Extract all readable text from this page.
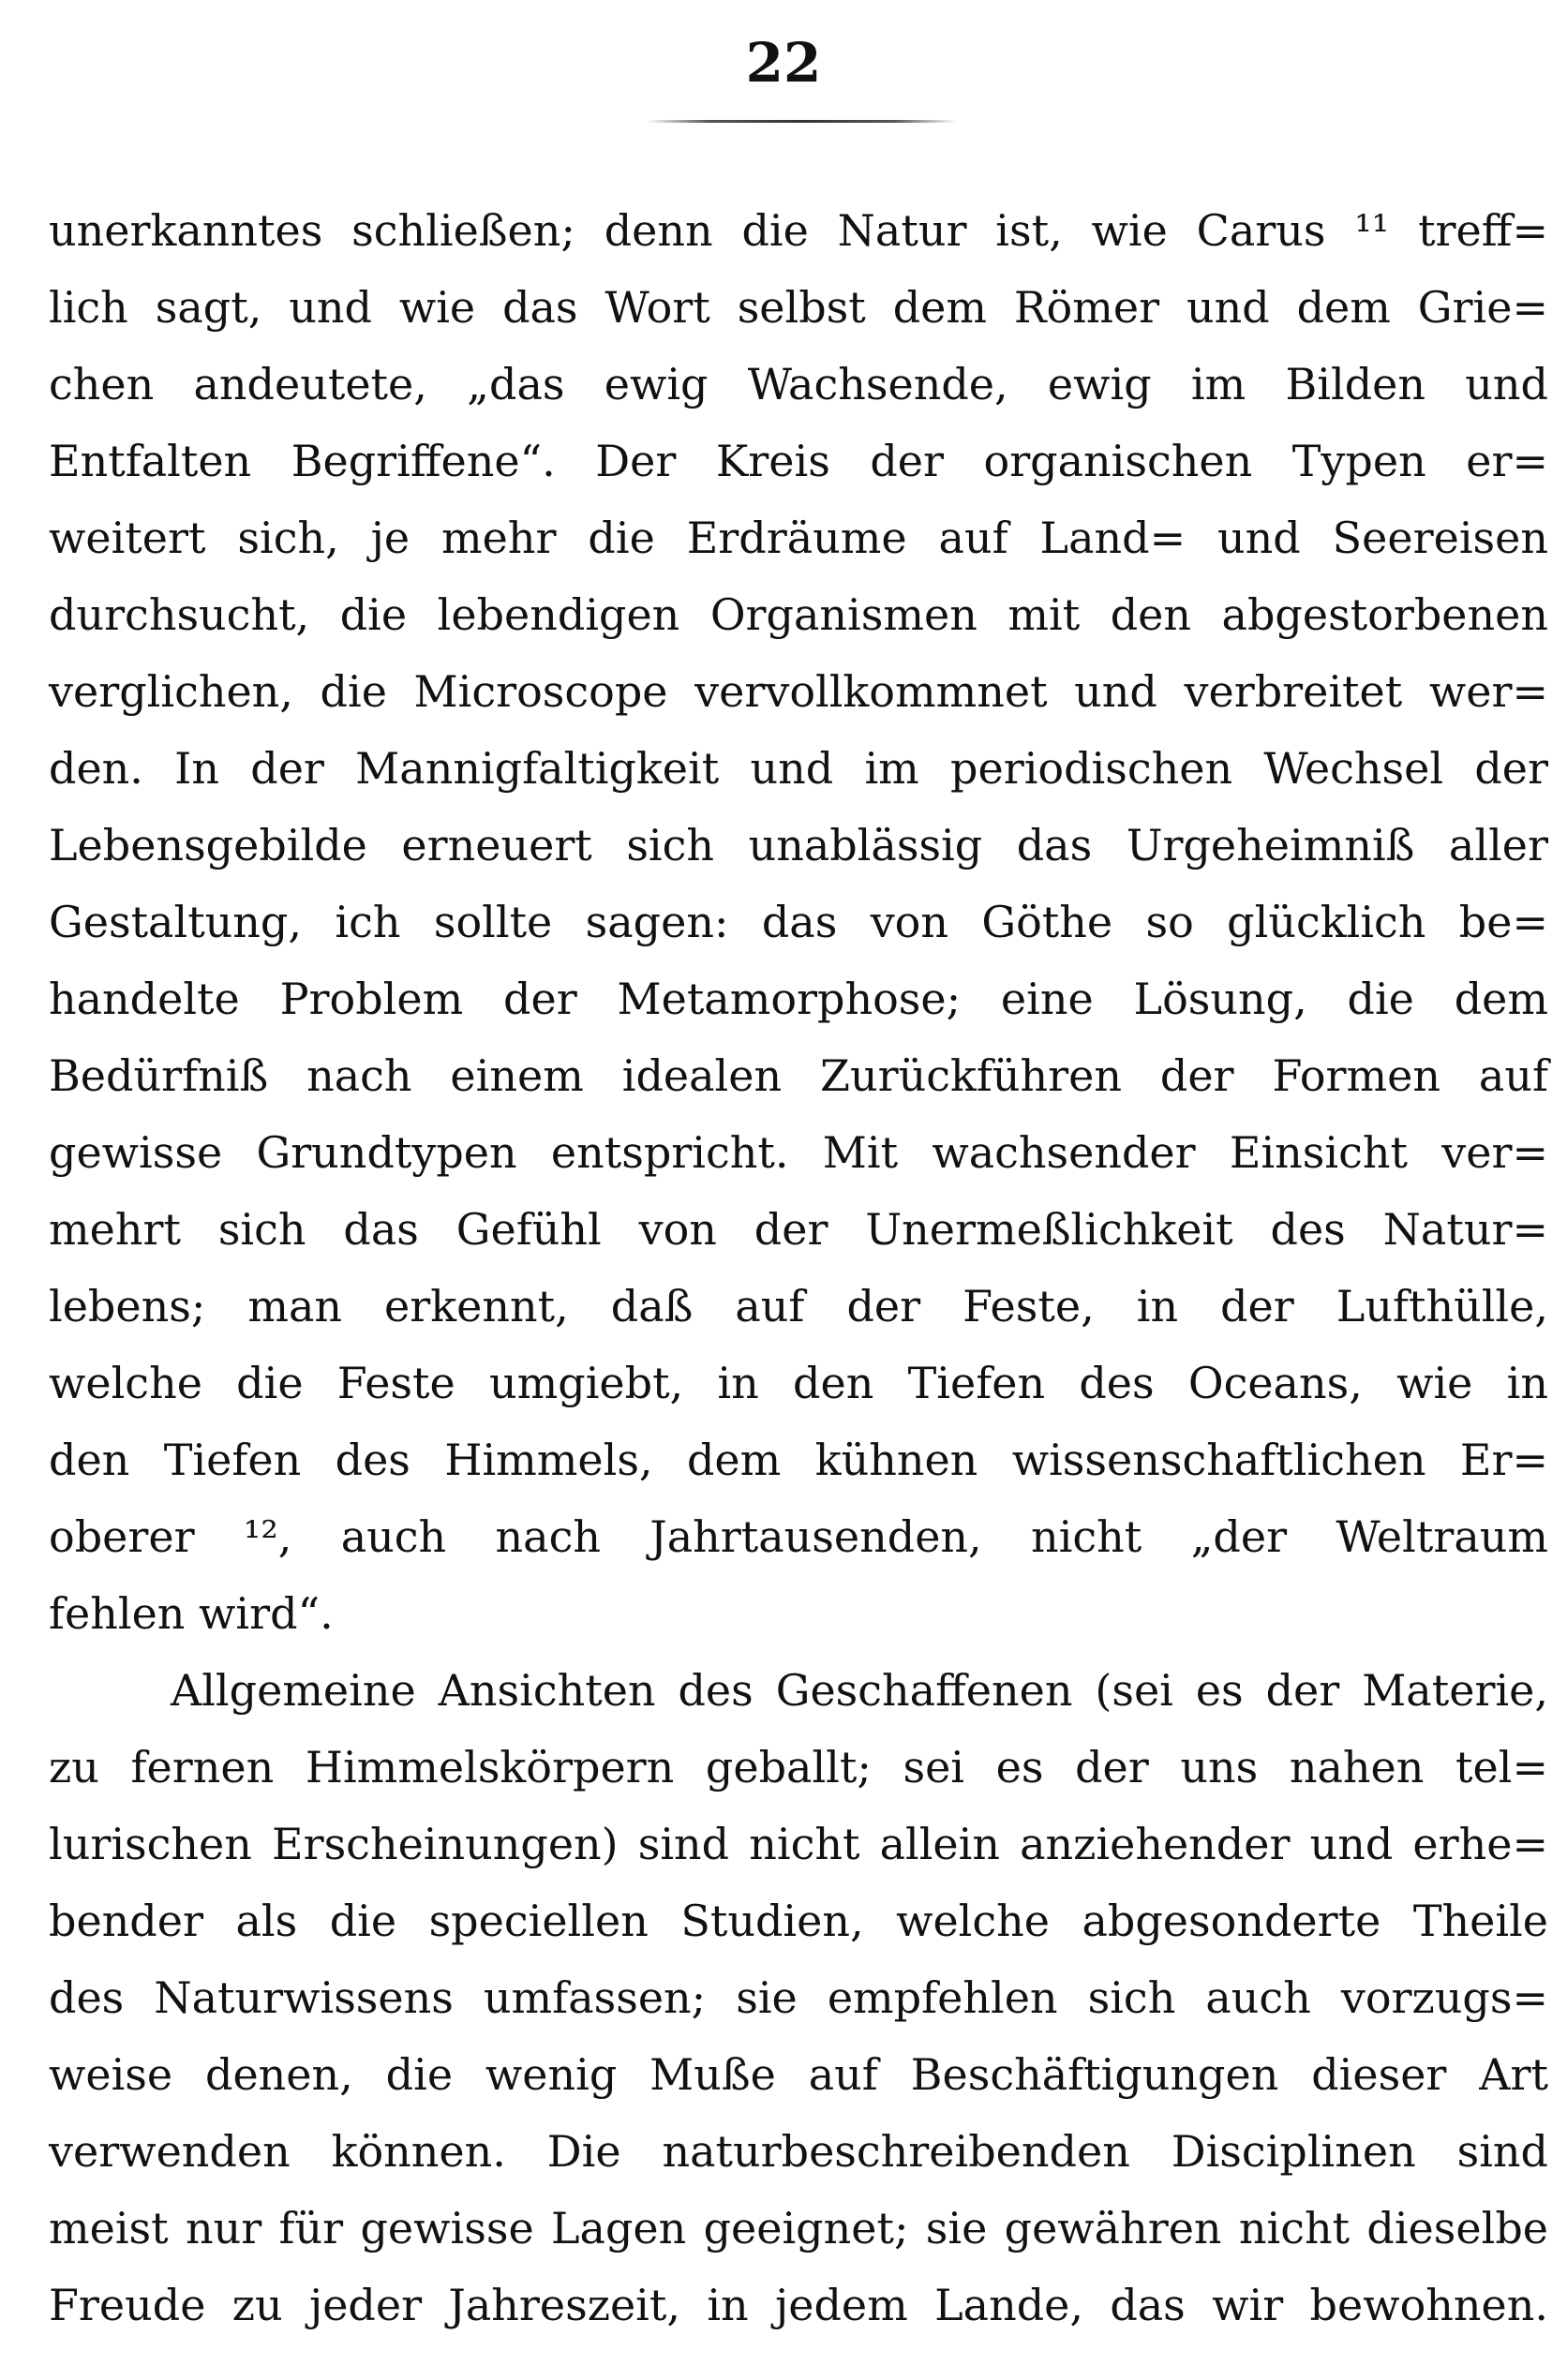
22
unerkanntes schließen; denn die Natur ist, wie Carus ¹¹ treff=
lich sagt, und wie das Wort selbst dem Römer und dem Grie=
chen andeutete, „das ewig Wachsende, ewig im Bilden und
Entfalten Begriffene“. Der Kreis der organischen Typen er=
weitert sich, je mehr die Erdräume auf Land= und Seereisen
durchsucht, die lebendigen Organismen mit den abgestorbenen
verglichen, die Microscope vervollkommnet und verbreitet wer=
den. In der Mannigfaltigkeit und im periodischen Wechsel der
Lebensgebilde erneuert sich unablässig das Urgeheimniß aller
Gestaltung, ich sollte sagen: das von Göthe so glücklich be=
handelte Problem der Metamorphose; eine Lösung, die dem
Bedürfniß nach einem idealen Zurückführen der Formen auf
gewisse Grundtypen entspricht. Mit wachsender Einsicht ver=
mehrt sich das Gefühl von der Unermeßlichkeit des Natur=
lebens; man erkennt, daß auf der Feste, in der Lufthülle,
welche die Feste umgiebt, in den Tiefen des Oceans, wie in
den Tiefen des Himmels, dem kühnen wissenschaftlichen Er=
oberer ¹², auch nach Jahrtausenden, nicht „der Weltraum
fehlen wird“.
Allgemeine Ansichten des Geschaffenen (sei es der Materie,
zu fernen Himmelskörpern geballt; sei es der uns nahen tel=
lurischen Erscheinungen) sind nicht allein anziehender und erhe=
bender als die speciellen Studien, welche abgesonderte Theile
des Naturwissens umfassen; sie empfehlen sich auch vorzugs=
weise denen, die wenig Muße auf Beschäftigungen dieser Art
verwenden können. Die naturbeschreibenden Disciplinen sind
meist nur für gewisse Lagen geeignet; sie gewähren nicht dieselbe
Freude zu jeder Jahreszeit, in jedem Lande, das wir bewohnen.
